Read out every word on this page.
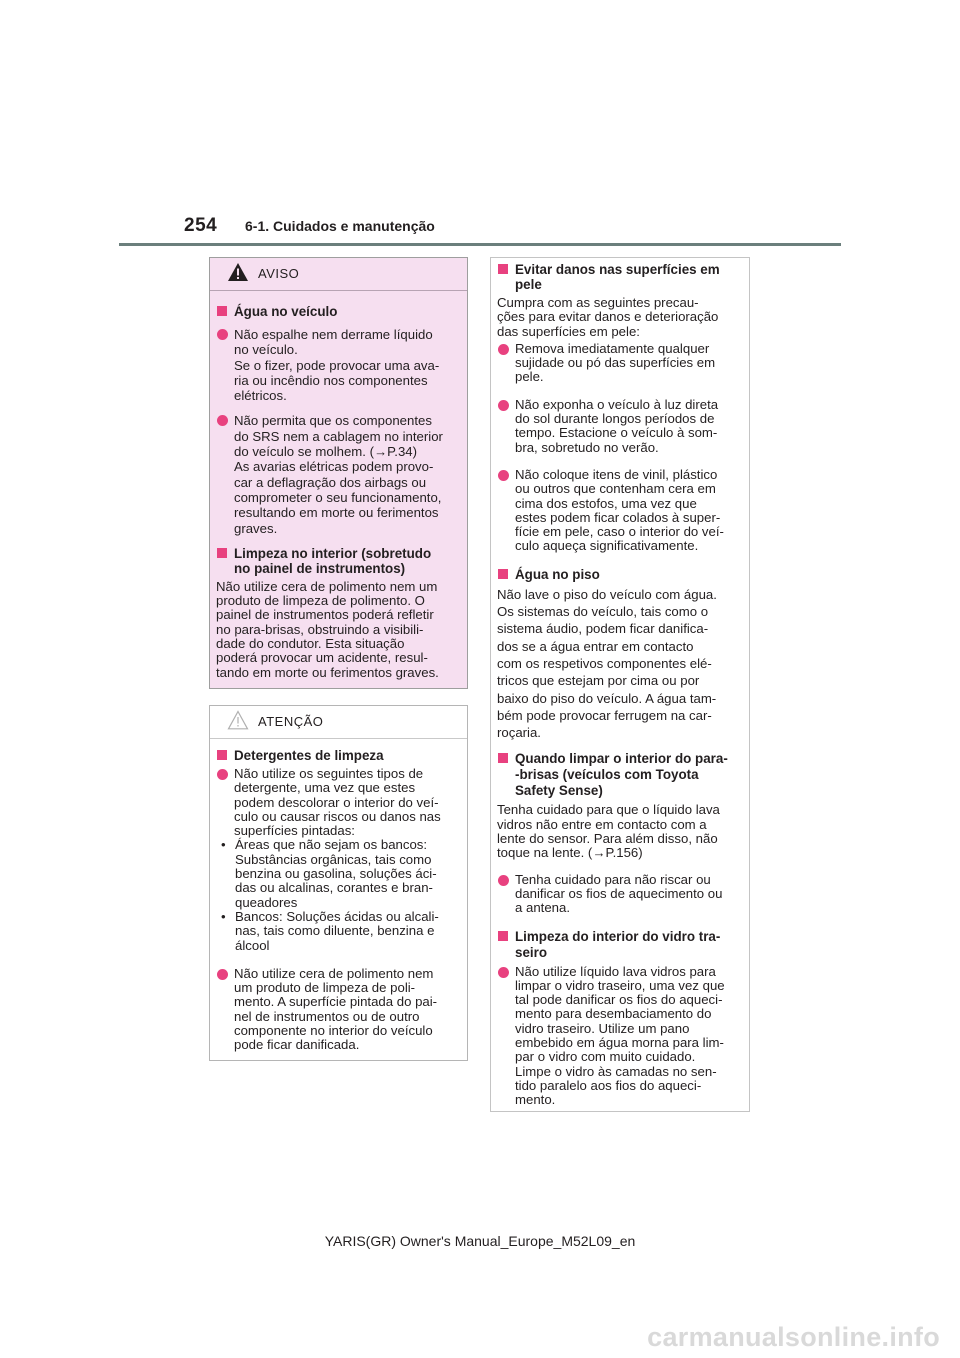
254 6-1. Cuidados e manutenção
AVISO
Água no veículo
Não espalhe nem derrame líquido
no veículo.
Se o fizer, pode provocar uma ava-
ria ou incêndio nos componentes
elétricos.
Não permita que os componentes
do SRS nem a cablagem no interior
do veículo se molhem. (→P.34)
As avarias elétricas podem provo-
car a deflagração dos airbags ou
comprometer o seu funcionamento,
resultando em morte ou ferimentos
graves.
Limpeza no interior (sobretudo
no painel de instrumentos)
Não utilize cera de polimento nem um
produto de limpeza de polimento. O
painel de instrumentos poderá refletir
no para-brisas, obstruindo a visibili-
dade do condutor. Esta situação
poderá provocar um acidente, resul-
tando em morte ou ferimentos graves.
ATENÇÃO
Detergentes de limpeza
Não utilize os seguintes tipos de
detergente, uma vez que estes
podem descolorar o interior do veí-
culo ou causar riscos ou danos nas
superfícies pintadas:
• Áreas que não sejam os bancos:
Substâncias orgânicas, tais como
benzina ou gasolina, soluções áci-
das ou alcalinas, corantes e bran-
queadores
• Bancos: Soluções ácidas ou alcali-
nas, tais como diluente, benzina e
álcool
Não utilize cera de polimento nem
um produto de limpeza de poli-
mento. A superfície pintada do pai-
nel de instrumentos ou de outro
componente no interior do veículo
pode ficar danificada.
Evitar danos nas superfícies em
pele
Cumpra com as seguintes precau-
ções para evitar danos e deterioração
das superfícies em pele:
Remova imediatamente qualquer
sujidade ou pó das superfícies em
pele.
Não exponha o veículo à luz direta
do sol durante longos períodos de
tempo. Estacione o veículo à som-
bra, sobretudo no verão.
Não coloque itens de vinil, plástico
ou outros que contenham cera em
cima dos estofos, uma vez que
estes podem ficar colados à super-
fície em pele, caso o interior do veí-
culo aqueça significativamente.
Água no piso
Não lave o piso do veículo com água.
Os sistemas do veículo, tais como o
sistema áudio, podem ficar danifica-
dos se a água entrar em contacto
com os respetivos componentes elé-
tricos que estejam por cima ou por
baixo do piso do veículo. A água tam-
bém pode provocar ferrugem na car-
roçaria.
Quando limpar o interior do para-
-brisas (veículos com Toyota
Safety Sense)
Tenha cuidado para que o líquido lava
vidros não entre em contacto com a
lente do sensor. Para além disso, não
toque na lente. (→P.156)
Tenha cuidado para não riscar ou
danificar os fios de aquecimento ou
a antena.
Limpeza do interior do vidro tra-
seiro
Não utilize líquido lava vidros para
limpar o vidro traseiro, uma vez que
tal pode danificar os fios do aqueci-
mento para desembaciamento do
vidro traseiro. Utilize um pano
embebido em água morna para lim-
par o vidro com muito cuidado.
Limpe o vidro às camadas no sen-
tido paralelo aos fios do aqueci-
mento.
YARIS(GR) Owner's Manual_Europe_M52L09_en
carmanualsonline.info
